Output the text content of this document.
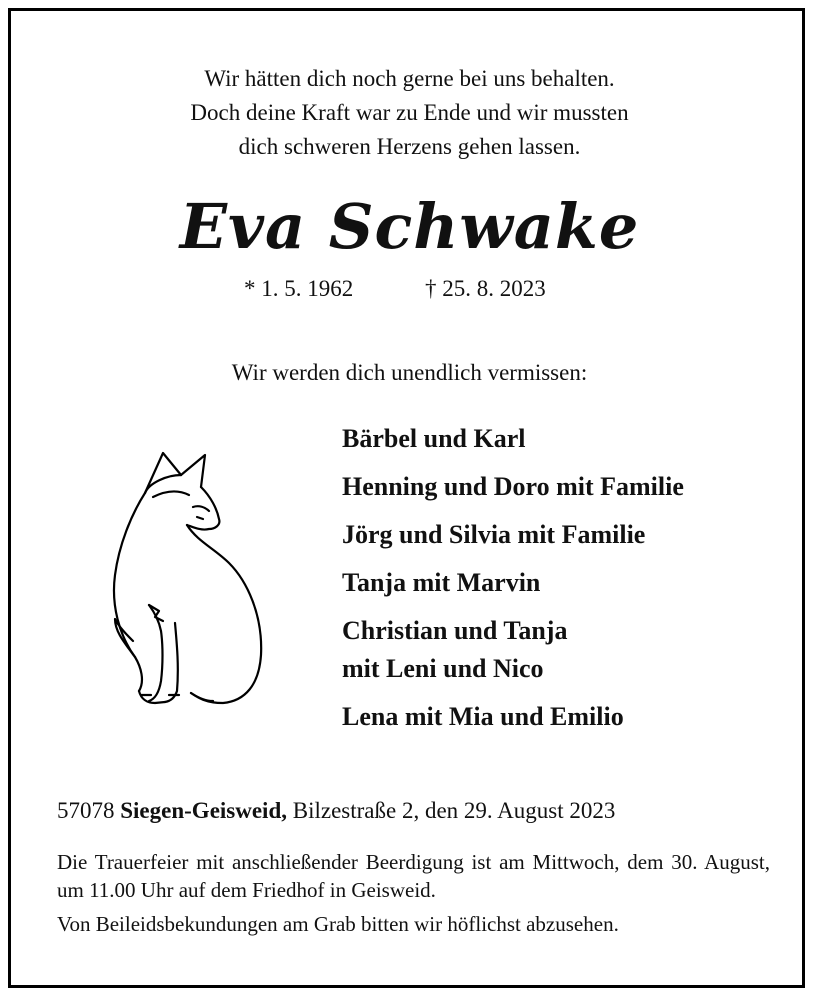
Wir hätten dich noch gerne bei uns behalten.
Doch deine Kraft war zu Ende und wir mussten
dich schweren Herzens gehen lassen.
Eva Schwake
* 1. 5. 1962	† 25. 8. 2023
Wir werden dich unendlich vermissen:
Bärbel und Karl
Henning und Doro mit Familie
Jörg und Silvia mit Familie
Tanja mit Marvin
Christian und Tanja
mit Leni und Nico
Lena mit Mia und Emilio
57078 Siegen-Geisweid, Bilzestraße 2, den 29. August 2023
Die Trauerfeier mit anschließender Beerdigung ist am Mittwoch, dem 30. August, um 11.00 Uhr auf dem Friedhof in Geisweid.
Von Beileidsbekundungen am Grab bitten wir höflichst abzusehen.
